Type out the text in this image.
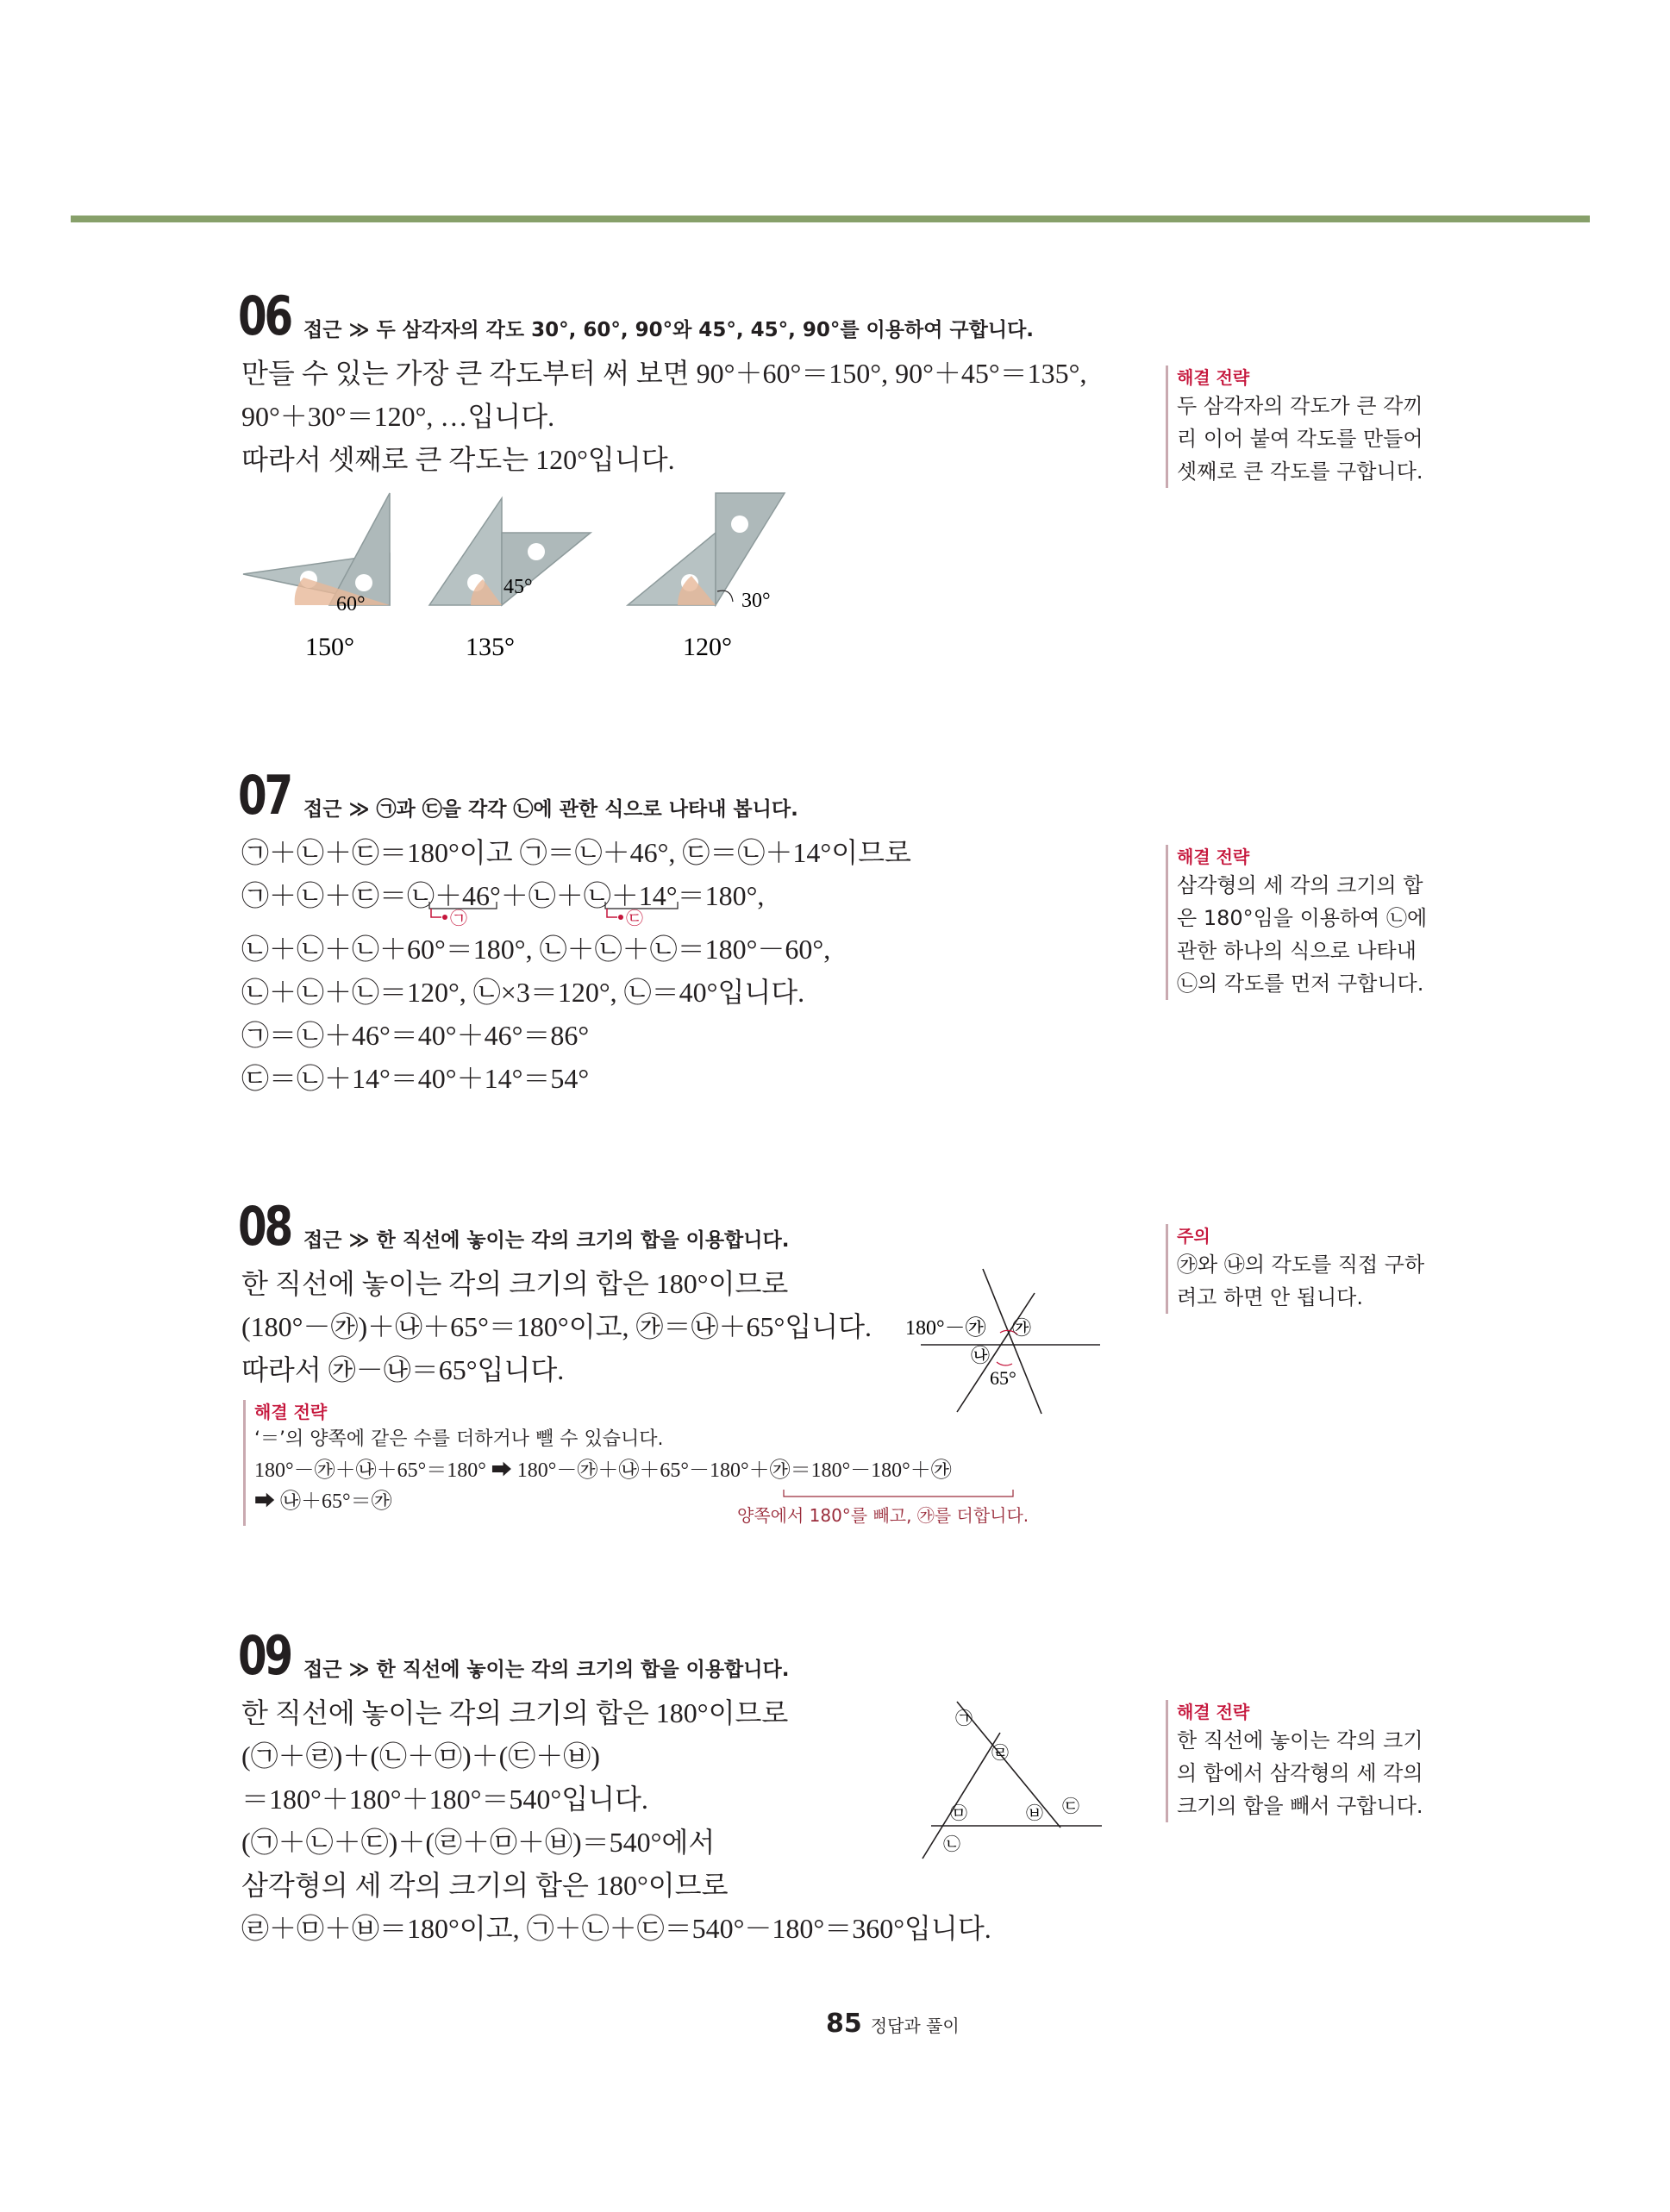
06 접근 ≫ 두 삼각자의 각도 30°, 60°, 90°와 45°, 45°, 90°를 이용하여 구합니다.
만들 수 있는 가장 큰 각도부터 써 보면 90°＋60°＝150°, 90°＋45°＝135°,
90°＋30°＝120°, …입니다.
따라서 셋째로 큰 각도는 120°입니다.
60°
150°
45°
135°
30°
120°
해결 전략
두 삼각자의 각도가 큰 각끼
리 이어 붙여 각도를 만들어
셋째로 큰 각도를 구합니다.
07 접근 ≫ ㉠과 ㉢을 각각 ㉡에 관한 식으로 나타내 봅니다.
㉠＋㉡＋㉢＝180°이고 ㉠＝㉡＋46°, ㉢＝㉡＋14°이므로
㉠＋㉡＋㉢＝㉡＋46°＋㉡＋㉡＋14°＝180°,
㉡＋㉡＋㉡＋60°＝180°, ㉡＋㉡＋㉡＝180°－60°,
㉡＋㉡＋㉡＝120°, ㉡×3＝120°, ㉡＝40°입니다.
㉠＝㉡＋46°＝40°＋46°＝86°
㉢＝㉡＋14°＝40°＋14°＝54°
㉠	㉢
해결 전략
삼각형의 세 각의 크기의 합
은 180°임을 이용하여 ㉡에
관한 하나의 식으로 나타내
㉡의 각도를 먼저 구합니다.
08 접근 ≫ 한 직선에 놓이는 각의 크기의 합을 이용합니다.
한 직선에 놓이는 각의 크기의 합은 180°이므로
(180°－㉮)＋㉯＋65°＝180°이고, ㉮＝㉯＋65°입니다.
따라서 ㉮－㉯＝65°입니다.
180°－㉮ ㉮
㉯
65°
해결 전략
‘＝’의 양쪽에 같은 수를 더하거나 뺄 수 있습니다.
180°－㉮＋㉯＋65°＝180° ➡ 180°－㉮＋㉯＋65°－180°＋㉮＝180°－180°＋㉮
➡ ㉯＋65°＝㉮
양쪽에서 180°를 빼고, ㉮를 더합니다.
주의
㉮와 ㉯의 각도를 직접 구하
려고 하면 안 됩니다.
09 접근 ≫ 한 직선에 놓이는 각의 크기의 합을 이용합니다.
한 직선에 놓이는 각의 크기의 합은 180°이므로
(㉠＋㉣)＋(㉡＋㉤)＋(㉢＋㉥)
＝180°＋180°＋180°＝540°입니다.
(㉠＋㉡＋㉢)＋(㉣＋㉤＋㉥)＝540°에서
삼각형의 세 각의 크기의 합은 180°이므로
㉣＋㉤＋㉥＝180°이고, ㉠＋㉡＋㉢＝540°－180°＝360°입니다.
㉠
㉣
㉤	㉥ ㉢
㉡
해결 전략
한 직선에 놓이는 각의 크기
의 합에서 삼각형의 세 각의
크기의 합을 빼서 구합니다.
85 정답과 풀이
